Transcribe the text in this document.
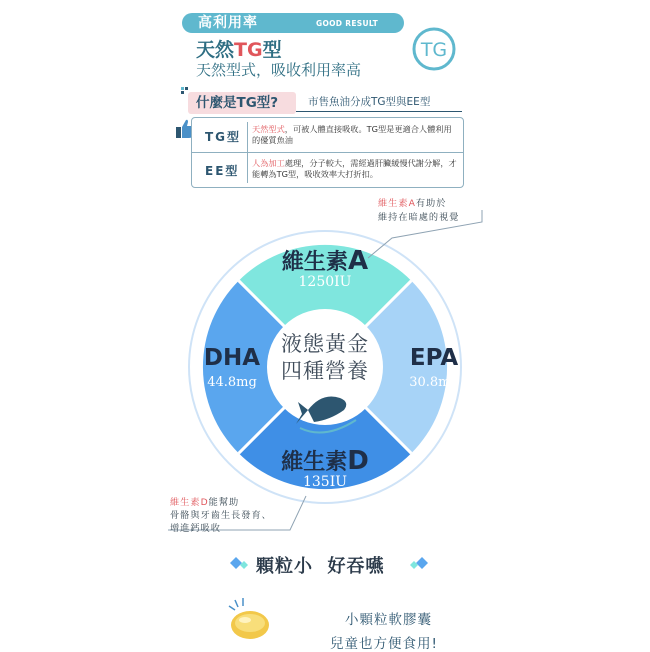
高利用率	GOOD RESULT
天然TG型
天然型式，吸收利用率高
TG
什麼是TG型?	市售魚油分成TG型與EE型
TG型
天然型式，可被人體直接吸收。TG型是更適合人體利用的優質魚油
EE型
人為加工處理，分子較大，需經過肝臟緩慢代謝分解，才能轉為TG型，吸收效率大打折扣。
維生素A
1250IU
DHA
44.8mg
EPA
30.8mg
維生素D
135IU
液態黃金
四種營養
維生素A有助於
維持在暗處的視覺
維生素D能幫助
骨骼與牙齒生長發育、
增進鈣吸收
顆粒小 好吞嚥
小顆粒軟膠囊
兒童也方便食用!
